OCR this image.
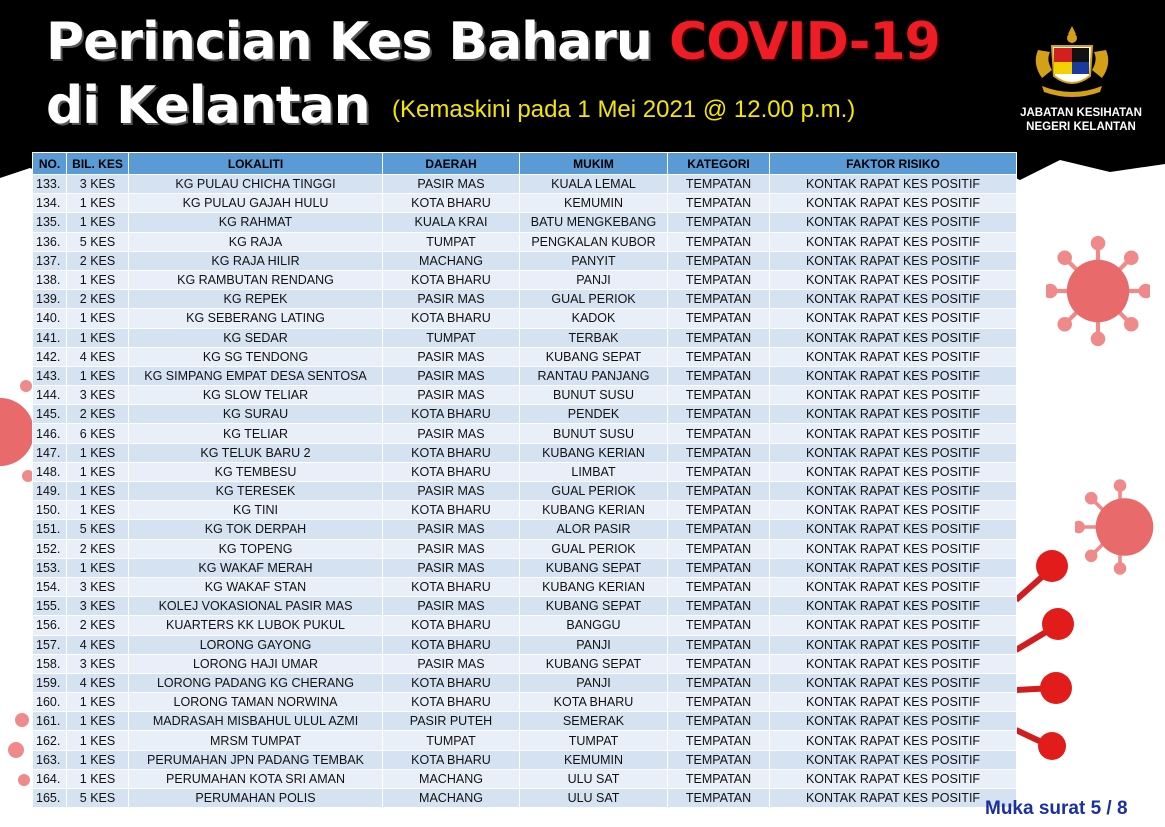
Perincian Kes Baharu COVID-19
di Kelantan (Kemaskini pada 1 Mei 2021 @ 12.00 p.m.)	JABATAN KESIHATAN
NEGERI KELANTAN
NO.	BIL. KES	LOKALITI	DAERAH	MUKIM	KATEGORI	FAKTOR RISIKO
133.	3 KES	KG PULAU CHICHA TINGGI	PASIR MAS	KUALA LEMAL	TEMPATAN	KONTAK RAPAT KES POSITIF
134.	1 KES	KG PULAU GAJAH HULU	KOTA BHARU	KEMUMIN	TEMPATAN	KONTAK RAPAT KES POSITIF
135.	1 KES	KG RAHMAT	KUALA KRAI	BATU MENGKEBANG	TEMPATAN	KONTAK RAPAT KES POSITIF
136.	5 KES	KG RAJA	TUMPAT	PENGKALAN KUBOR	TEMPATAN	KONTAK RAPAT KES POSITIF
137.	2 KES	KG RAJA HILIR	MACHANG	PANYIT	TEMPATAN	KONTAK RAPAT KES POSITIF
138.	1 KES	KG RAMBUTAN RENDANG	KOTA BHARU	PANJI	TEMPATAN	KONTAK RAPAT KES POSITIF
139.	2 KES	KG REPEK	PASIR MAS	GUAL PERIOK	TEMPATAN	KONTAK RAPAT KES POSITIF
140.	1 KES	KG SEBERANG LATING	KOTA BHARU	KADOK	TEMPATAN	KONTAK RAPAT KES POSITIF
141.	1 KES	KG SEDAR	TUMPAT	TERBAK	TEMPATAN	KONTAK RAPAT KES POSITIF
142.	4 KES	KG SG TENDONG	PASIR MAS	KUBANG SEPAT	TEMPATAN	KONTAK RAPAT KES POSITIF
143.	1 KES	KG SIMPANG EMPAT DESA SENTOSA	PASIR MAS	RANTAU PANJANG	TEMPATAN	KONTAK RAPAT KES POSITIF
144.	3 KES	KG SLOW TELIAR	PASIR MAS	BUNUT SUSU	TEMPATAN	KONTAK RAPAT KES POSITIF
145.	2 KES	KG SURAU	KOTA BHARU	PENDEK	TEMPATAN	KONTAK RAPAT KES POSITIF
146.	6 KES	KG TELIAR	PASIR MAS	BUNUT SUSU	TEMPATAN	KONTAK RAPAT KES POSITIF
147.	1 KES	KG TELUK BARU 2	KOTA BHARU	KUBANG KERIAN	TEMPATAN	KONTAK RAPAT KES POSITIF
148.	1 KES	KG TEMBESU	KOTA BHARU	LIMBAT	TEMPATAN	KONTAK RAPAT KES POSITIF
149.	1 KES	KG TERESEK	PASIR MAS	GUAL PERIOK	TEMPATAN	KONTAK RAPAT KES POSITIF
150.	1 KES	KG TINI	KOTA BHARU	KUBANG KERIAN	TEMPATAN	KONTAK RAPAT KES POSITIF
151.	5 KES	KG TOK DERPAH	PASIR MAS	ALOR PASIR	TEMPATAN	KONTAK RAPAT KES POSITIF
152.	2 KES	KG TOPENG	PASIR MAS	GUAL PERIOK	TEMPATAN	KONTAK RAPAT KES POSITIF
153.	1 KES	KG WAKAF MERAH	PASIR MAS	KUBANG SEPAT	TEMPATAN	KONTAK RAPAT KES POSITIF
154.	3 KES	KG WAKAF STAN	KOTA BHARU	KUBANG KERIAN	TEMPATAN	KONTAK RAPAT KES POSITIF
155.	3 KES	KOLEJ VOKASIONAL PASIR MAS	PASIR MAS	KUBANG SEPAT	TEMPATAN	KONTAK RAPAT KES POSITIF
156.	2 KES	KUARTERS KK LUBOK PUKUL	KOTA BHARU	BANGGU	TEMPATAN	KONTAK RAPAT KES POSITIF
157.	4 KES	LORONG GAYONG	KOTA BHARU	PANJI	TEMPATAN	KONTAK RAPAT KES POSITIF
158.	3 KES	LORONG HAJI UMAR	PASIR MAS	KUBANG SEPAT	TEMPATAN	KONTAK RAPAT KES POSITIF
159.	4 KES	LORONG PADANG KG CHERANG	KOTA BHARU	PANJI	TEMPATAN	KONTAK RAPAT KES POSITIF
160.	1 KES	LORONG TAMAN NORWINA	KOTA BHARU	KOTA BHARU	TEMPATAN	KONTAK RAPAT KES POSITIF
161.	1 KES	MADRASAH MISBAHUL ULUL AZMI	PASIR PUTEH	SEMERAK	TEMPATAN	KONTAK RAPAT KES POSITIF
162.	1 KES	MRSM TUMPAT	TUMPAT	TUMPAT	TEMPATAN	KONTAK RAPAT KES POSITIF
163.	1 KES	PERUMAHAN JPN PADANG TEMBAK	KOTA BHARU	KEMUMIN	TEMPATAN	KONTAK RAPAT KES POSITIF
164.	1 KES	PERUMAHAN KOTA SRI AMAN	MACHANG	ULU SAT	TEMPATAN	KONTAK RAPAT KES POSITIF
165.	5 KES	PERUMAHAN POLIS	MACHANG	ULU SAT	TEMPATAN	KONTAK RAPAT KES POSITIF Muka surat 5 / 8
